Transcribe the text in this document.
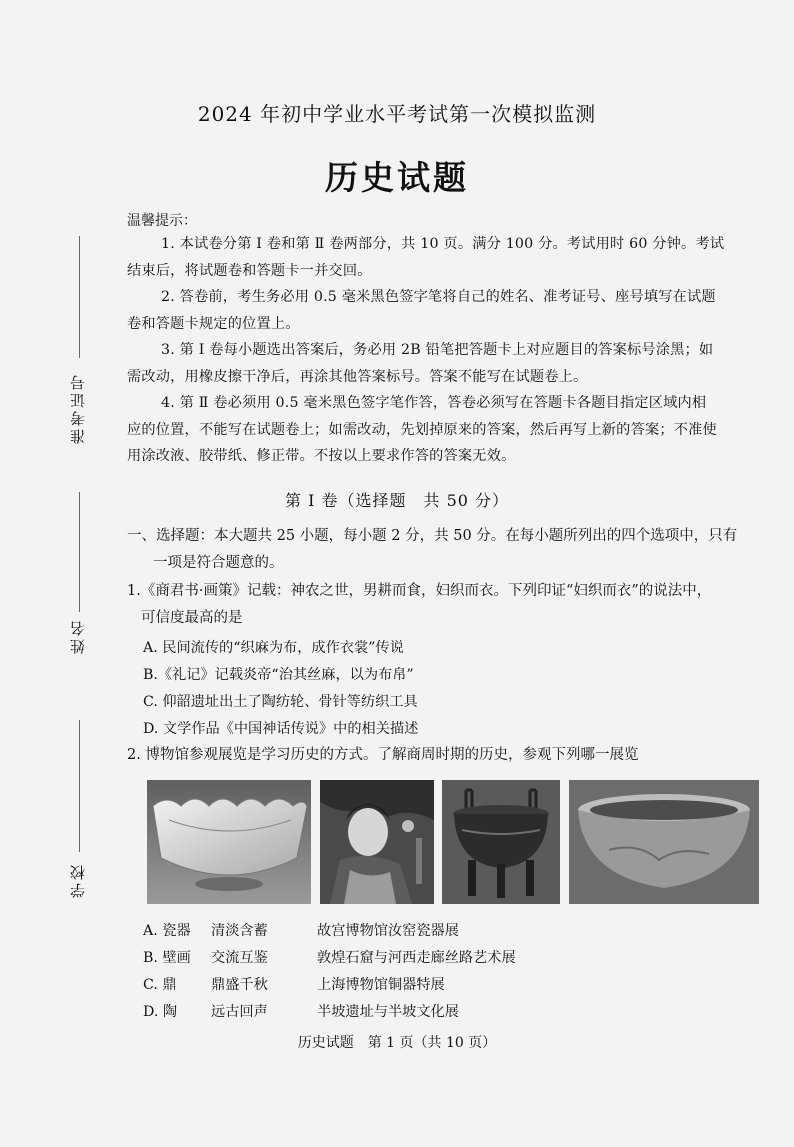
2024 年初中学业水平考试第一次模拟监测
历史试题
准考证号
姓名
学校
温馨提示：
1. 本试卷分第 Ⅰ 卷和第 Ⅱ 卷两部分，共 10 页。满分 100 分。考试用时 60 分钟。考试
结束后，将试题卷和答题卡一并交回。
2. 答卷前，考生务必用 0.5 毫米黑色签字笔将自己的姓名、准考证号、座号填写在试题
卷和答题卡规定的位置上。
3. 第 Ⅰ 卷每小题选出答案后，务必用 2B 铅笔把答题卡上对应题目的答案标号涂黑；如
需改动，用橡皮擦干净后，再涂其他答案标号。答案不能写在试题卷上。
4. 第 Ⅱ 卷必须用 0.5 毫米黑色签字笔作答，答卷必须写在答题卡各题目指定区域内相
应的位置，不能写在试题卷上；如需改动，先划掉原来的答案，然后再写上新的答案；不准使
用涂改液、胶带纸、修正带。不按以上要求作答的答案无效。
第 Ⅰ 卷（选择题　共 50 分）
一、选择题：本大题共 25 小题，每小题 2 分，共 50 分。在每小题所列出的四个选项中，只有
一项是符合题意的。
1.《商君书·画策》记载：神农之世，男耕而食，妇织而衣。下列印证“妇织而衣”的说法中，
可信度最高的是
A. 民间流传的“织麻为布，成作衣裳”传说
B.《礼记》记载炎帝“治其丝麻，以为布帛”
C. 仰韶遗址出土了陶纺轮、骨针等纺织工具
D. 文学作品《中国神话传说》中的相关描述
2. 博物馆参观展览是学习历史的方式。了解商周时期的历史，参观下列哪一展览
A. 瓷器 清淡含蓄	故宫博物馆汝窑瓷器展
B. 壁画 交流互鉴	敦煌石窟与河西走廊丝路艺术展
C. 鼎 鼎盛千秋	上海博物馆铜器特展
D. 陶 远古回声	半坡遗址与半坡文化展
历史试题　第 1 页（共 10 页）
